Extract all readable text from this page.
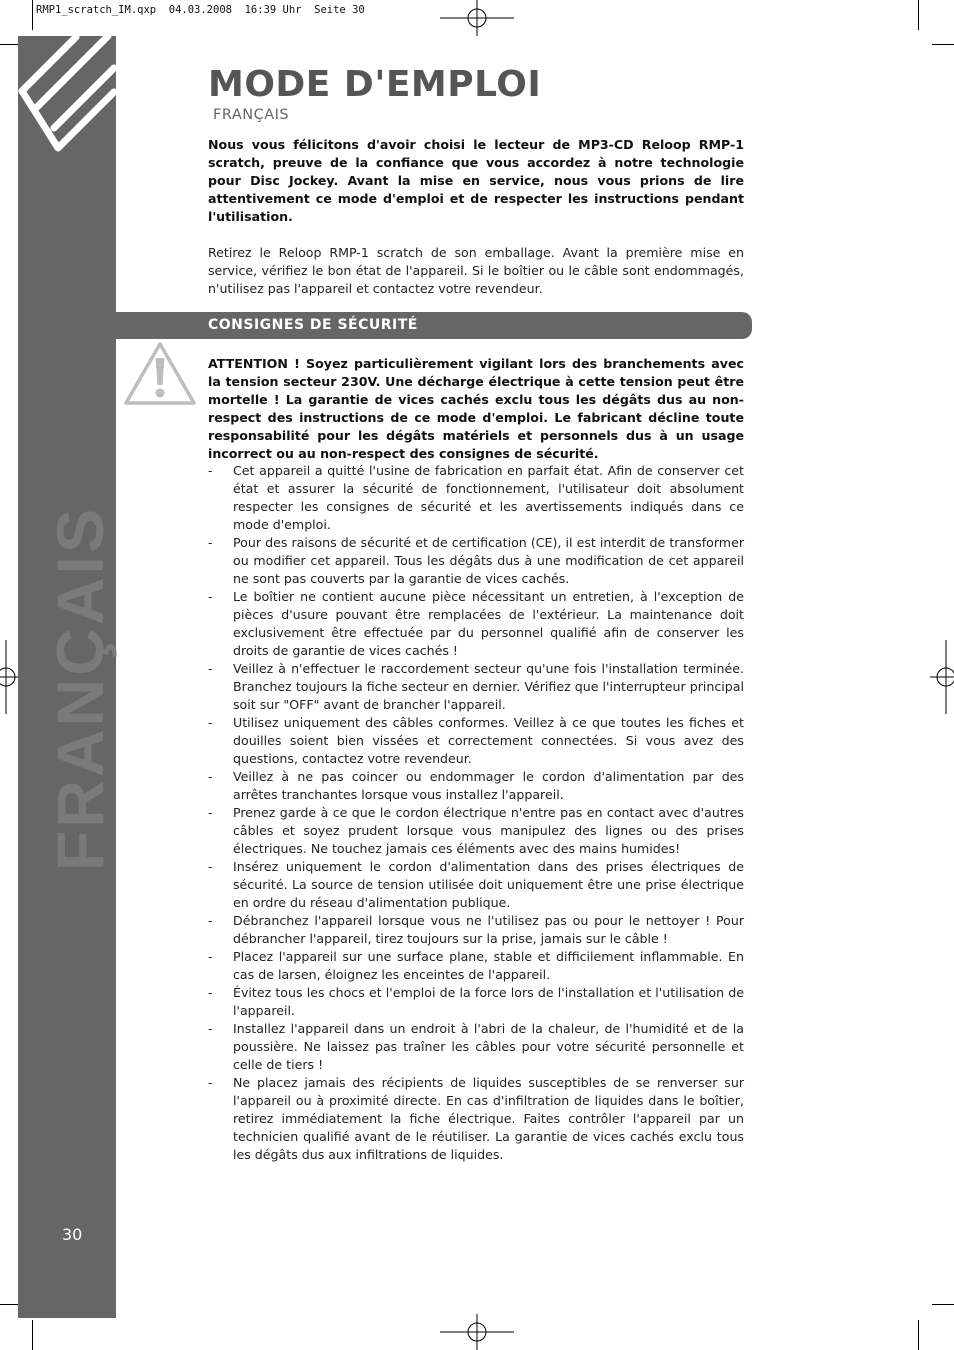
RMP1_scratch_IM.qxp  04.03.2008  16:39 Uhr  Seite 30
FRANÇAIS
30
MODE D'EMPLOI
FRANÇAIS

Nous vous félicitons d'avoir choisi le lecteur de MP3-CD Reloop RMP-1 scratch, preuve de la confiance que vous accordez à notre technologie pour Disc Jockey. Avant la mise en service, nous vous prions de lire attentivement ce mode d'emploi et de respecter les instructions pendant l'utilisation.

Retirez le Reloop RMP-1 scratch de son emballage. Avant la première mise en service, vérifiez le bon état de l'appareil. Si le boîtier ou le câble sont endommagés, n'utilisez pas l'appareil et contactez votre revendeur.

CONSIGNES DE SÉCURITÉ

ATTENTION ! Soyez particulièrement vigilant lors des branchements avec la tension secteur 230V. Une décharge électrique à cette tension peut être mortelle ! La garantie de vices cachés exclu tous les dégâts dus au non-respect des instructions de ce mode d'emploi. Le fabricant décline toute responsabilité pour les dégâts matériels et personnels dus à un usage incorrect ou au non-respect des consignes de sécurité.

- Cet appareil a quitté l'usine de fabrication en parfait état. Afin de conserver cet état et assurer la sécurité de fonctionnement, l'utilisateur doit absolument respecter les consignes de sécurité et les avertissements indiqués dans ce mode d'emploi.
- Pour des raisons de sécurité et de certification (CE), il est interdit de transformer ou modifier cet appareil. Tous les dégâts dus à une modification de cet appareil ne sont pas couverts par la garantie de vices cachés.
- Le boîtier ne contient aucune pièce nécessitant un entretien, à l'exception de pièces d'usure pouvant être remplacées de l'extérieur. La maintenance doit exclusivement être effectuée par du personnel qualifié afin de conserver les droits de garantie de vices cachés !
- Veillez à n'effectuer le raccordement secteur qu'une fois l'installation terminée. Branchez toujours la fiche secteur en dernier. Vérifiez que l'interrupteur principal soit sur "OFF" avant de brancher l'appareil.
- Utilisez uniquement des câbles conformes. Veillez à ce que toutes les fiches et douilles soient bien vissées et correctement connectées. Si vous avez des questions, contactez votre revendeur.
- Veillez à ne pas coincer ou endommager le cordon d'alimentation par des arrêtes tranchantes lorsque vous installez l'appareil.
- Prenez garde à ce que le cordon électrique n'entre pas en contact avec d'autres câbles et soyez prudent lorsque vous manipulez des lignes ou des prises électriques. Ne touchez jamais ces éléments avec des mains humides!
- Insérez uniquement le cordon d'alimentation dans des prises électriques de sécurité. La source de tension utilisée doit uniquement être une prise électrique en ordre du réseau d'alimentation publique.
- Débranchez l'appareil lorsque vous ne l'utilisez pas ou pour le nettoyer ! Pour débrancher l'appareil, tirez toujours sur la prise, jamais sur le câble !
- Placez l'appareil sur une surface plane, stable et difficilement inflammable. En cas de larsen, éloignez les enceintes de l'appareil.
- Évitez tous les chocs et l'emploi de la force lors de l'installation et l'utilisation de l'appareil.
- Installez l'appareil dans un endroit à l'abri de la chaleur, de l'humidité et de la poussière. Ne laissez pas traîner les câbles pour votre sécurité personnelle et celle de tiers !
- Ne placez jamais des récipients de liquides susceptibles de se renverser sur l'appareil ou à proximité directe. En cas d'infiltration de liquides dans le boîtier, retirez immédiatement la fiche électrique. Faites contrôler l'appareil par un technicien qualifié avant de le réutiliser. La garantie de vices cachés exclu tous les dégâts dus aux infiltrations de liquides.
